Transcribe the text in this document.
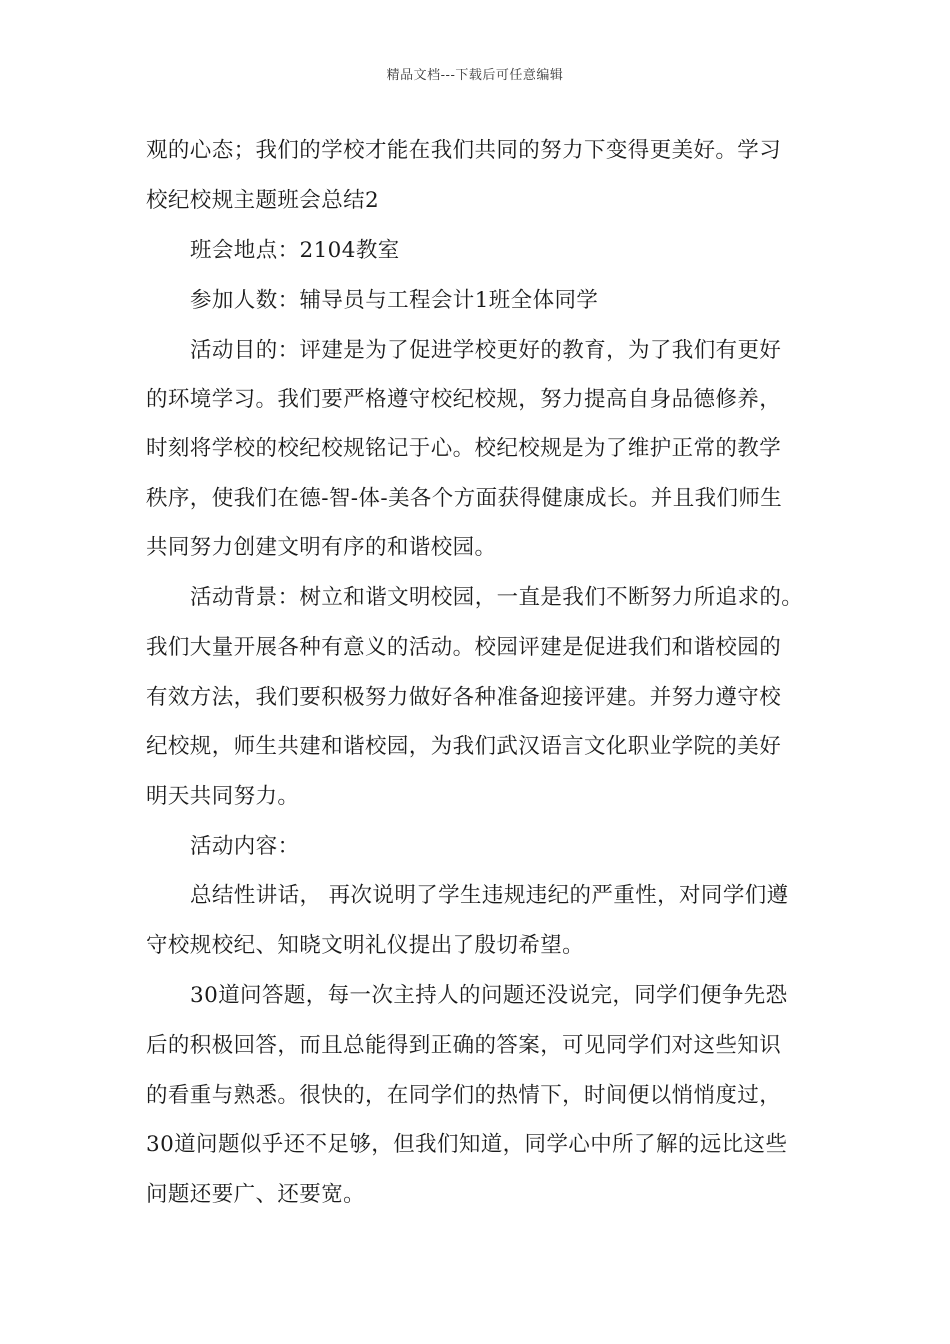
精品文档---下载后可任意编辑
观的心态；我们的学校才能在我们共同的努力下变得更美好。学习
校纪校规主题班会总结2
班会地点：2104教室
参加人数：辅导员与工程会计1班全体同学
活动目的：评建是为了促进学校更好的教育，为了我们有更好
的环境学习。我们要严格遵守校纪校规，努力提高自身品德修养，
时刻将学校的校纪校规铭记于心。校纪校规是为了维护正常的教学
秩序，使我们在德-智-体-美各个方面获得健康成长。并且我们师生
共同努力创建文明有序的和谐校园。
活动背景：树立和谐文明校园，一直是我们不断努力所追求的。
我们大量开展各种有意义的活动。校园评建是促进我们和谐校园的
有效方法，我们要积极努力做好各种准备迎接评建。并努力遵守校
纪校规，师生共建和谐校园，为我们武汉语言文化职业学院的美好
明天共同努力。
活动内容：
总结性讲话， 再次说明了学生违规违纪的严重性，对同学们遵
守校规校纪、知晓文明礼仪提出了殷切希望。
30道问答题，每一次主持人的问题还没说完，同学们便争先恐
后的积极回答，而且总能得到正确的答案，可见同学们对这些知识
的看重与熟悉。很快的，在同学们的热情下，时间便以悄悄度过，
30道问题似乎还不足够，但我们知道，同学心中所了解的远比这些
问题还要广、还要宽。
